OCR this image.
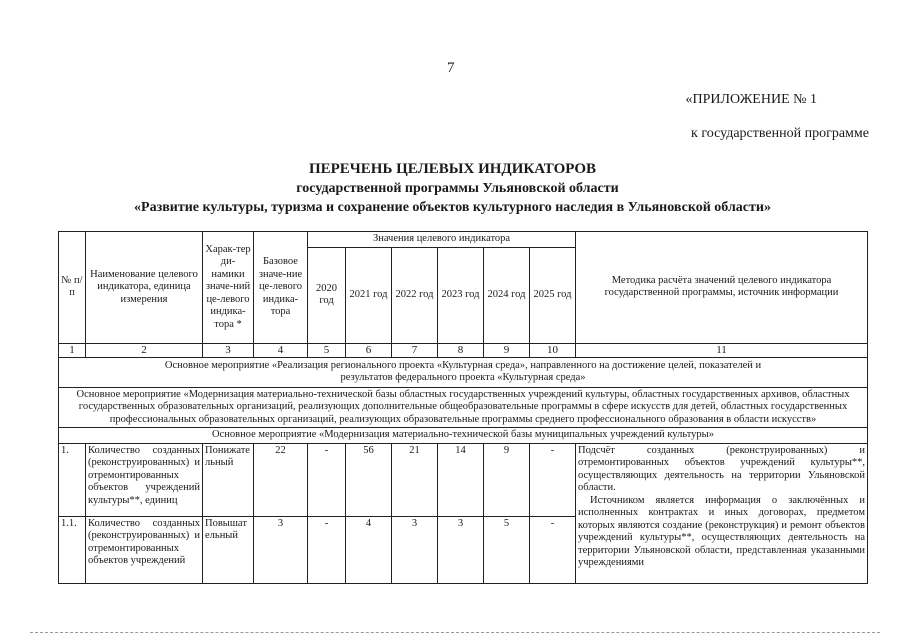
7
«ПРИЛОЖЕНИЕ № 1
к государственной программе
ПЕРЕЧЕНЬ ЦЕЛЕВЫХ ИНДИКАТОРОВ
государственной программы Ульяновской области
«Развитие культуры, туризма и сохранение объектов культурного наследия в Ульяновской области»
№ п/п	Наименование целевого индикатора, единица измерения	Харак-тер ди-намики значе-ний це-левого индика-тора *	Базовое значе-ние це-левого индика-тора	Значения целевого индикатора						Методика расчёта значений целевого индикатора государственной программы, источник информации
				2020 год	2021 год	2022 год	2023 год	2024 год	2025 год	
1	2	3	4	5	6	7	8	9	10	11
Основное мероприятие «Реализация регионального проекта «Культурная среда», направленного на достижение целей, показателей и результатов федерального проекта «Культурная среда»										
Основное мероприятие «Модернизация материально-технической базы областных государственных учреждений культуры, областных государственных архивов, областных государственных образовательных организаций, реализующих дополнительные общеобразовательные программы в сфере искусств для детей, областных государственных профессиональных образовательных организаций, реализующих образовательные программы среднего профессионального образования в области искусств»										
Основное мероприятие «Модернизация материально-технической базы муниципальных учреждений культуры»										
1.	Количество созданных (реконструированных) и отремонтированных объектов учреждений культуры**, единиц	Понижательный	22	-	56	21	14	9	-	Подсчёт созданных (реконструированных) и отремонтированных объектов учреждений культуры**, осуществляющих деятельность на территории Ульяновской области.
Источником является информация о заключённых и исполненных контрактах и иных договорах, предметом которых являются создание (реконструкция) и ремонт объектов учреждений культуры**, осуществляющих деятельность на территории Ульяновской области, представленная указанными учреждениями

1.1.	Количество созданных (реконструированных) и отремонтированных объектов учреждений	Повышательный	3	-	4	3	3	5	-	
